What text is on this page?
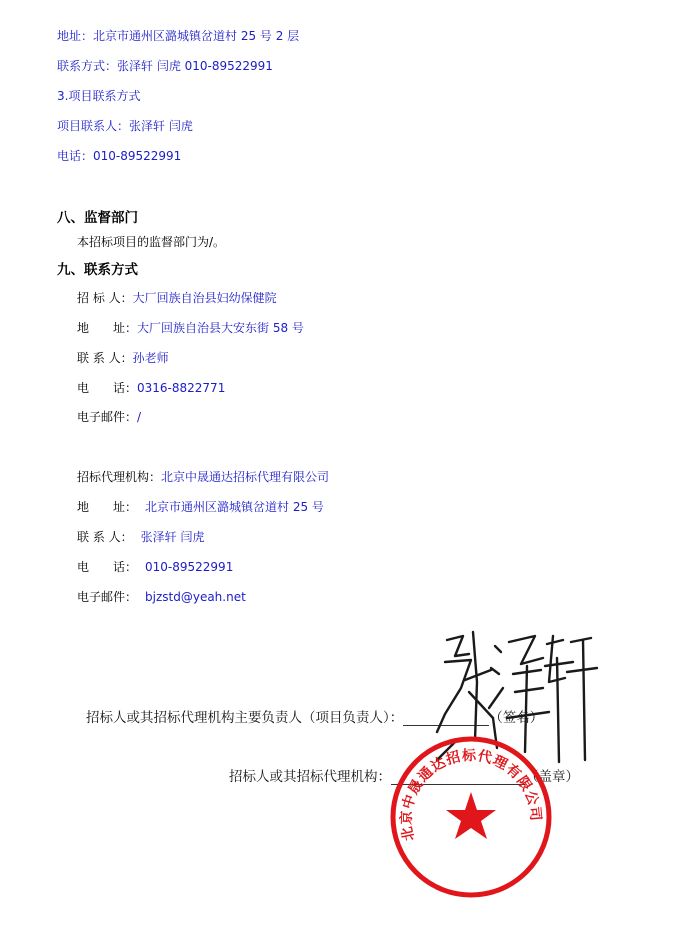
地址：北京市通州区潞城镇岔道村 25 号 2 层
联系方式：张泽轩 闫虎 010-89522991
3.项目联系方式
项目联系人：张泽轩 闫虎
电话：010-89522991
八、监督部门
本招标项目的监督部门为/。
九、联系方式
招 标 人：大厂回族自治县妇幼保健院
地　　址：大厂回族自治县大安东街 58 号
联 系 人：孙老师
电　　话：0316-8822771
电子邮件：/
招标代理机构：北京中晟通达招标代理有限公司
地　　址： 北京市通州区潞城镇岔道村 25 号
联 系 人： 张泽轩 闫虎
电　　话： 010-89522991
电子邮件： bjzstd@yeah.net
招标人或其招标代理机构主要负责人（项目负责人）：	（签名）
招标人或其招标代理机构：	（盖章）
北京中晟通达招标代理有限公司
